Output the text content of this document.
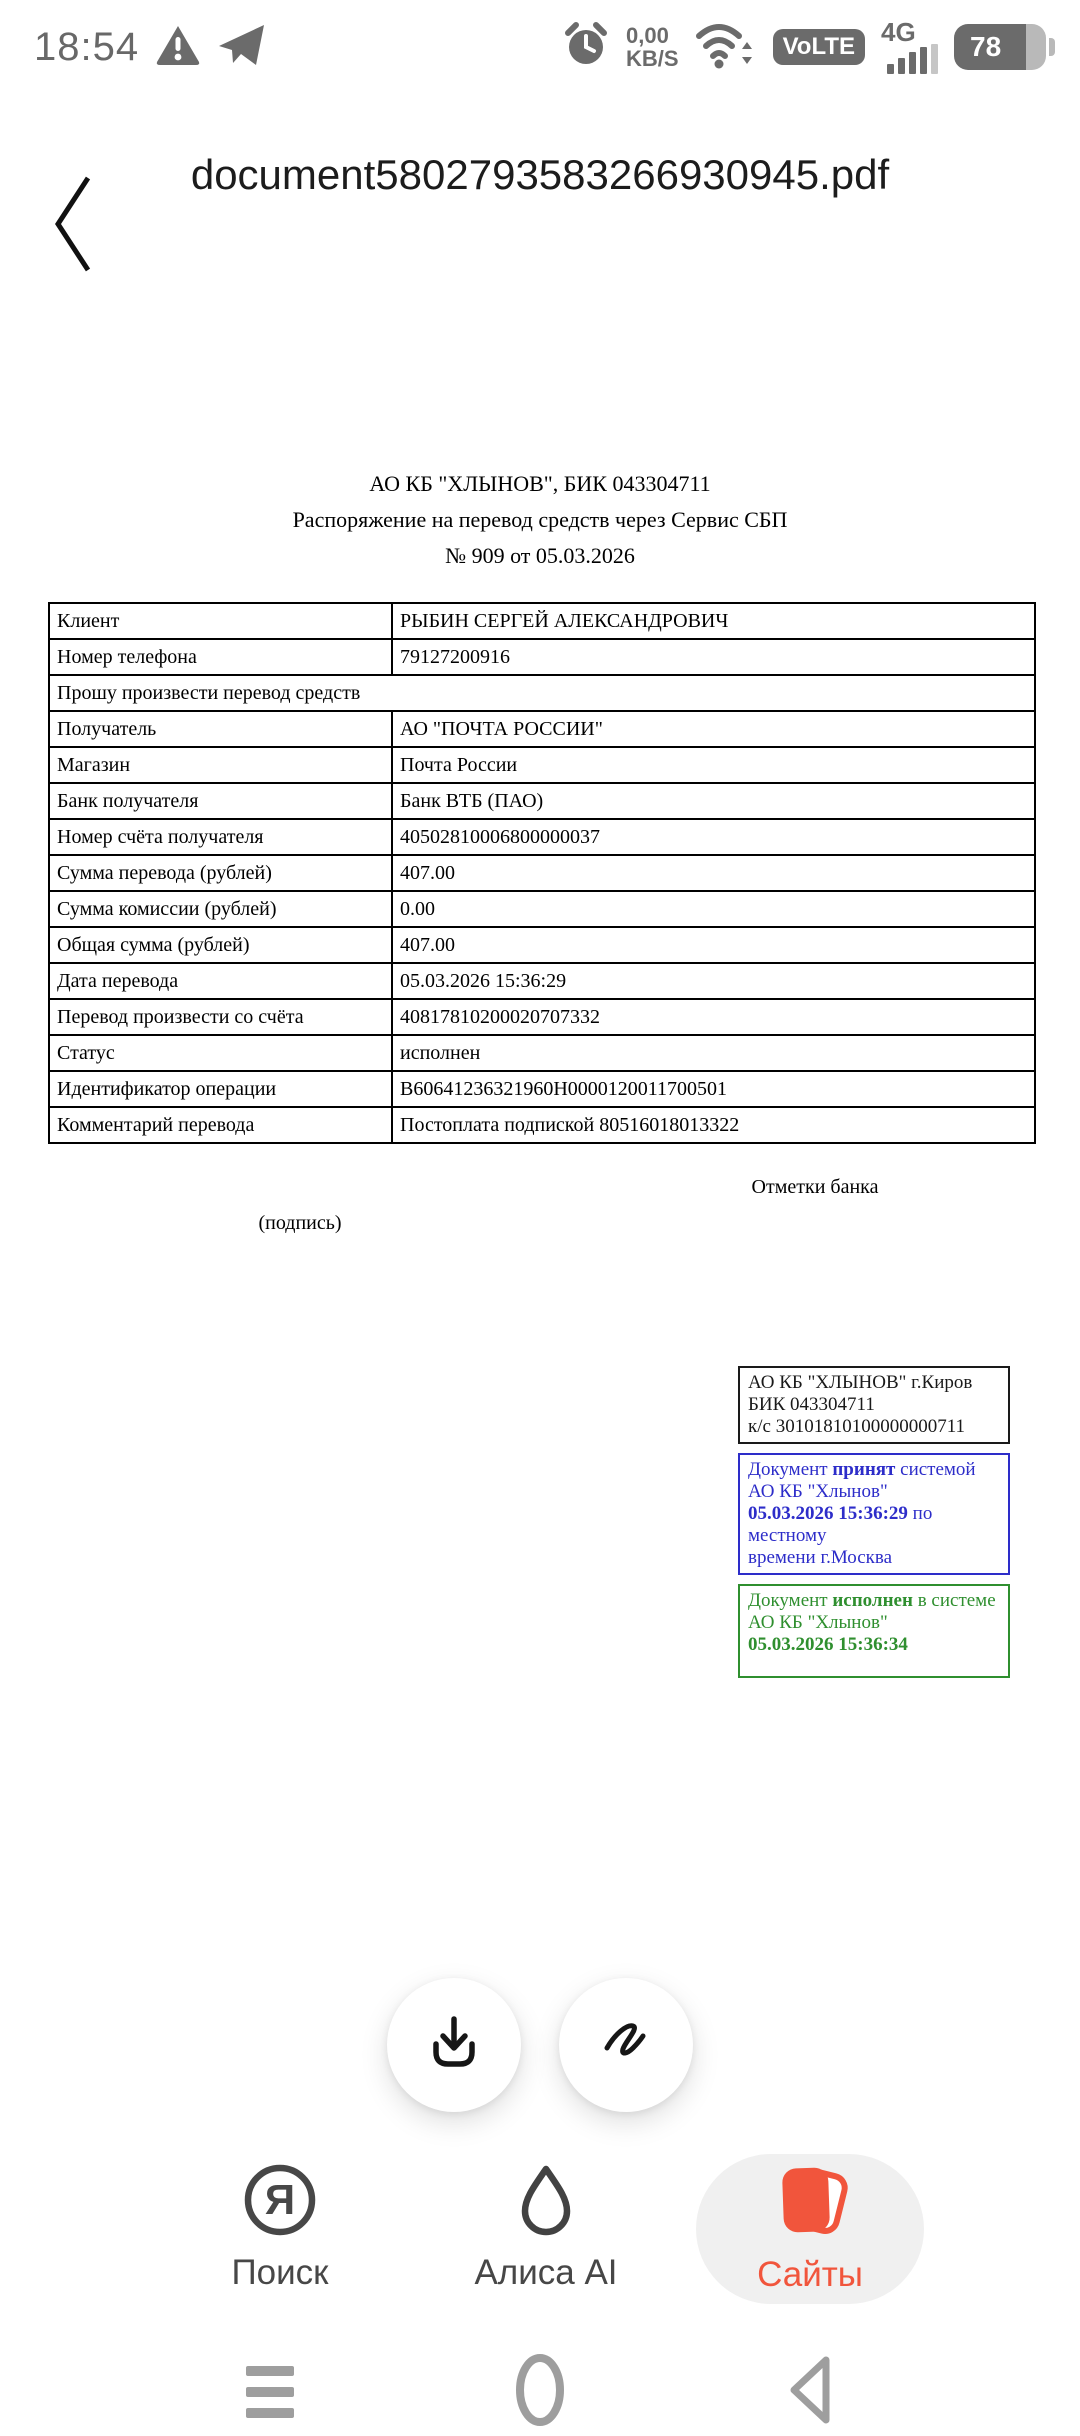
18:54	0,00
KB/S	VoLTE	4G 78
document5802793583266930945.pdf
АО КБ "ХЛЫНОВ", БИК 043304711
Распоряжение на перевод средств через Сервис СБП
№ 909 от 05.03.2026
Клиент	РЫБИН СЕРГЕЙ АЛЕКСАНДРОВИЧ
Номер телефона	79127200916
Прошу произвести перевод средств	
Получатель	АО "ПОЧТА РОССИИ"
Магазин	Почта России
Банк получателя	Банк ВТБ (ПАО)
Номер счёта получателя	40502810006800000037
Сумма перевода (рублей)	407.00
Сумма комиссии (рублей)	0.00
Общая сумма (рублей)	407.00
Дата перевода	05.03.2026 15:36:29
Перевод произвести со счёта	40817810200020707332
Статус	исполнен
Идентификатор операции	B60641236321960H0000120011700501
Комментарий перевода	Постоплата подпиской 80516018013322
Отметки банка
(подпись)
АО КБ "ХЛЫНОВ" г.Киров
БИК 043304711
к/с 30101810100000000711
Документ принят системой
АО КБ "Хлынов"
05.03.2026 15:36:29 по местному
времени г.Москва
Документ исполнен в системе
АО КБ "Хлынов"
05.03.2026 15:36:34
Я
Поиск	Алиса AI	Сайты
